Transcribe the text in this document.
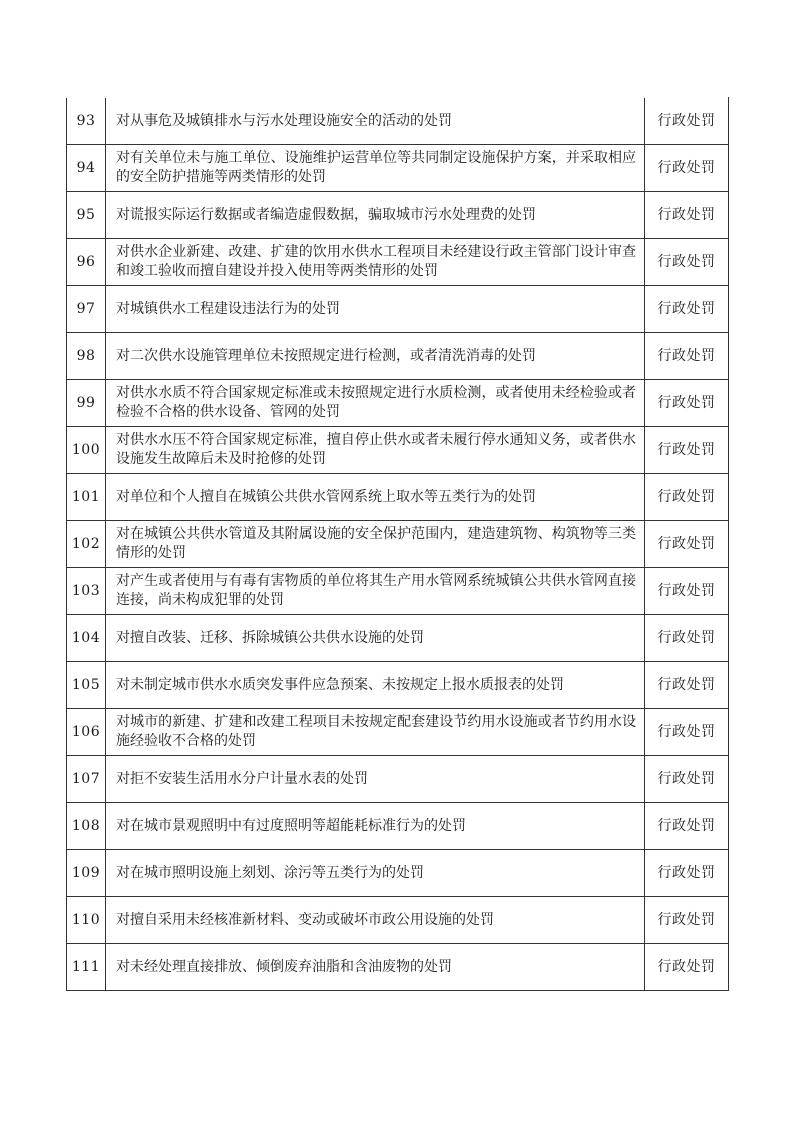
93	对从事危及城镇排水与污水处理设施安全的活动的处罚	行政处罚
94	对有关单位未与施工单位、设施维护运营单位等共同制定设施保护方案，并采取相应的安全防护措施等两类情形的处罚	行政处罚
95	对谎报实际运行数据或者编造虚假数据，骗取城市污水处理费的处罚	行政处罚
96	对供水企业新建、改建、扩建的饮用水供水工程项目未经建设行政主管部门设计审查和竣工验收而擅自建设并投入使用等两类情形的处罚	行政处罚
97	对城镇供水工程建设违法行为的处罚	行政处罚
98	对二次供水设施管理单位未按照规定进行检测，或者清洗消毒的处罚	行政处罚
99	对供水水质不符合国家规定标准或未按照规定进行水质检测，或者使用未经检验或者检验不合格的供水设备、管网的处罚	行政处罚
100	对供水水压不符合国家规定标准，擅自停止供水或者未履行停水通知义务，或者供水设施发生故障后未及时抢修的处罚	行政处罚
101	对单位和个人擅自在城镇公共供水管网系统上取水等五类行为的处罚	行政处罚
102	对在城镇公共供水管道及其附属设施的安全保护范围内，建造建筑物、构筑物等三类情形的处罚	行政处罚
103	对产生或者使用与有毒有害物质的单位将其生产用水管网系统城镇公共供水管网直接连接，尚未构成犯罪的处罚	行政处罚
104	对擅自改装、迁移、拆除城镇公共供水设施的处罚	行政处罚
105	对未制定城市供水水质突发事件应急预案、未按规定上报水质报表的处罚	行政处罚
106	对城市的新建、扩建和改建工程项目未按规定配套建设节约用水设施或者节约用水设施经验收不合格的处罚	行政处罚
107	对拒不安装生活用水分户计量水表的处罚	行政处罚
108	对在城市景观照明中有过度照明等超能耗标准行为的处罚	行政处罚
109	对在城市照明设施上刻划、涂污等五类行为的处罚	行政处罚
110	对擅自采用未经核准新材料、变动或破坏市政公用设施的处罚	行政处罚
111	对未经处理直接排放、倾倒废弃油脂和含油废物的处罚	行政处罚
